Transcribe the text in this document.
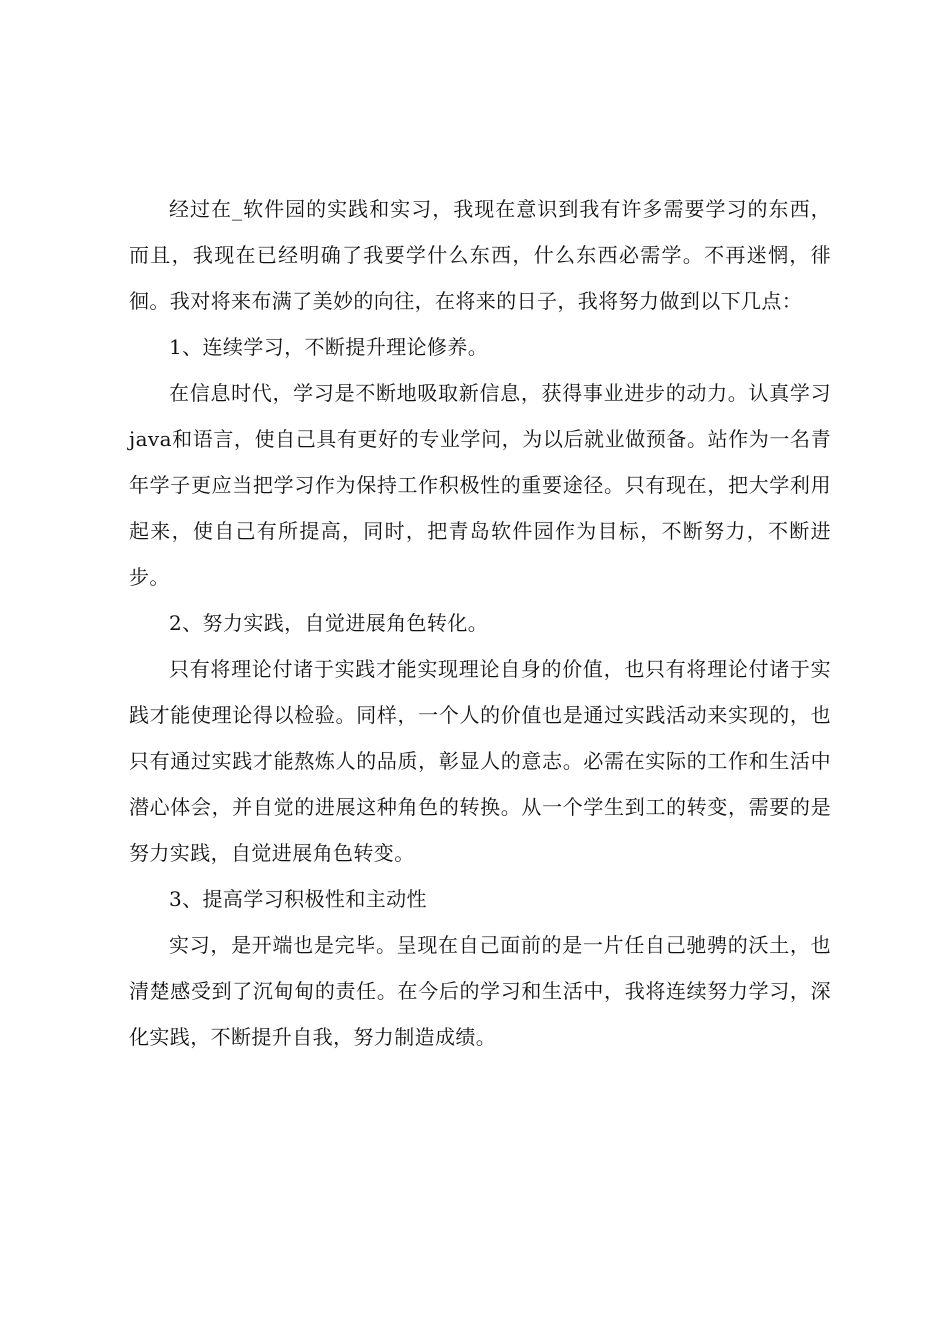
经过在_软件园的实践和实习，我现在意识到我有许多需要学习的东西，而且，我现在已经明确了我要学什么东西，什么东西必需学。不再迷惘，徘徊。我对将来布满了美妙的向往，在将来的日子，我将努力做到以下几点：

1、连续学习，不断提升理论修养。

在信息时代，学习是不断地吸取新信息，获得事业进步的动力。认真学习 java和语言，使自己具有更好的专业学问，为以后就业做预备。站作为一名青年学子更应当把学习作为保持工作积极性的重要途径。只有现在，把大学利用起来，使自己有所提高，同时，把青岛软件园作为目标，不断努力，不断进步。

2、努力实践，自觉进展角色转化。

只有将理论付诸于实践才能实现理论自身的价值，也只有将理论付诸于实践才能使理论得以检验。同样，一个人的价值也是通过实践活动来实现的，也只有通过实践才能熬炼人的品质，彰显人的意志。必需在实际的工作和生活中潜心体会，并自觉的进展这种角色的转换。从一个学生到工的转变，需要的是努力实践，自觉进展角色转变。

3、提高学习积极性和主动性

实习，是开端也是完毕。呈现在自己面前的是一片任自己驰骋的沃土，也清楚感受到了沉甸甸的责任。在今后的学习和生活中，我将连续努力学习，深化实践，不断提升自我，努力制造成绩。
